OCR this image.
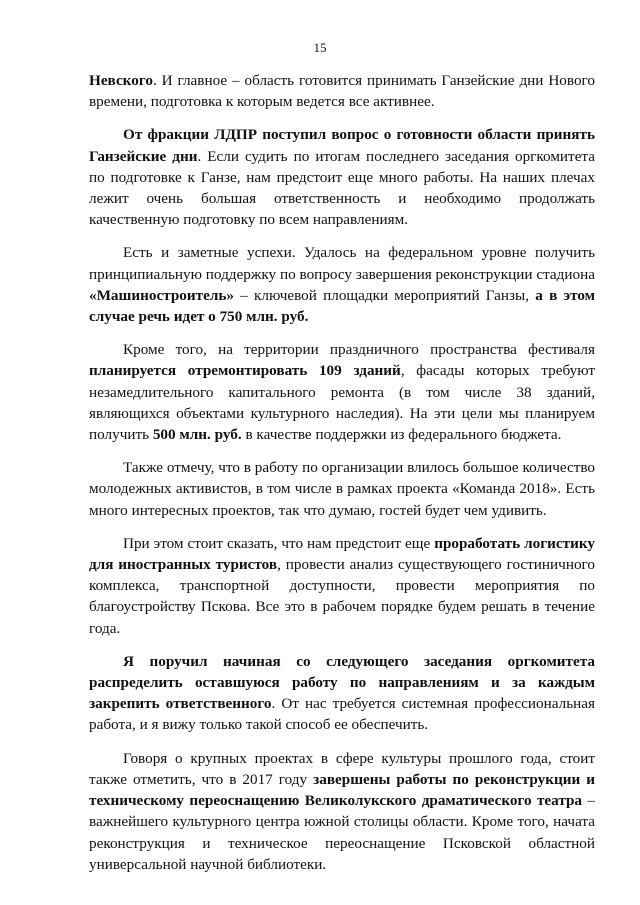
15

Невского. И главное – область готовится принимать Ганзейские дни Нового времени, подготовка к которым ведется все активнее.

От фракции ЛДПР поступил вопрос о готовности области принять Ганзейские дни. Если судить по итогам последнего заседания оргкомитета по подготовке к Ганзе, нам предстоит еще много работы. На наших плечах лежит очень большая ответственность и необходимо продолжать качественную подготовку по всем направлениям.

Есть и заметные успехи. Удалось на федеральном уровне получить принципиальную поддержку по вопросу завершения реконструкции стадиона «Машиностроитель» – ключевой площадки мероприятий Ганзы, а в этом случае речь идет о 750 млн. руб.

Кроме того, на территории праздничного пространства фестиваля планируется отремонтировать 109 зданий, фасады которых требуют незамедлительного капитального ремонта (в том числе 38 зданий, являющихся объектами культурного наследия). На эти цели мы планируем получить 500 млн. руб. в качестве поддержки из федерального бюджета.

Также отмечу, что в работу по организации влилось большое количество молодежных активистов, в том числе в рамках проекта «Команда 2018». Есть много интересных проектов, так что думаю, гостей будет чем удивить.

При этом стоит сказать, что нам предстоит еще проработать логистику для иностранных туристов, провести анализ существующего гостиничного комплекса, транспортной доступности, провести мероприятия по благоустройству Пскова. Все это в рабочем порядке будем решать в течение года.

Я поручил начиная со следующего заседания оргкомитета распределить оставшуюся работу по направлениям и за каждым закрепить ответственного. От нас требуется системная профессиональная работа, и я вижу только такой способ ее обеспечить.

Говоря о крупных проектах в сфере культуры прошлого года, стоит также отметить, что в 2017 году завершены работы по реконструкции и техническому переоснащению Великолукского драматического театра – важнейшего культурного центра южной столицы области. Кроме того, начата реконструкция и техническое переоснащение Псковской областной универсальной научной библиотеки.
